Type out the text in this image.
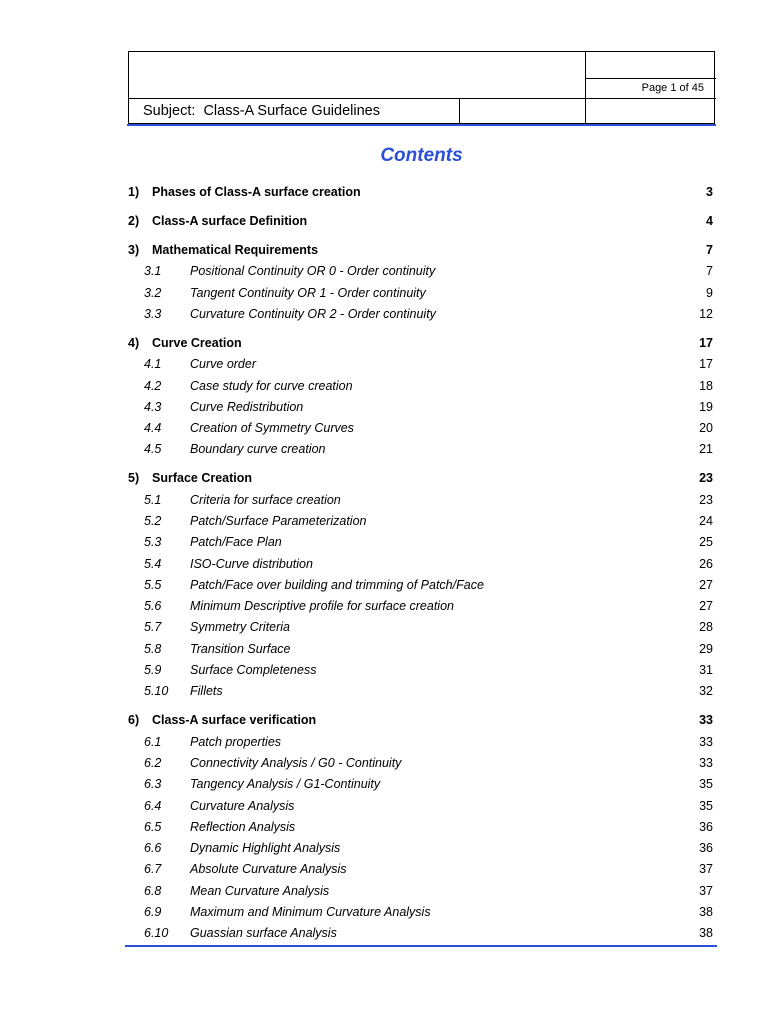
Page 1 of 45
Subject:  Class-A Surface Guidelines
Contents
1) Phases of Class-A surface creation	3
2) Class-A surface Definition	4
3) Mathematical Requirements	7
3.1 Positional Continuity OR 0 - Order continuity	7
3.2 Tangent Continuity OR 1 - Order continuity	9
3.3 Curvature Continuity OR 2 - Order continuity	12
4) Curve Creation	17
4.1 Curve order	17
4.2 Case study for curve creation	18
4.3 Curve Redistribution	19
4.4 Creation of Symmetry Curves	20
4.5 Boundary curve creation	21
5) Surface Creation	23
5.1 Criteria for surface creation	23
5.2 Patch/Surface Parameterization	24
5.3 Patch/Face Plan	25
5.4 ISO-Curve distribution	26
5.5 Patch/Face over building and trimming of Patch/Face	27
5.6 Minimum Descriptive profile for surface creation	27
5.7 Symmetry Criteria	28
5.8 Transition Surface	29
5.9 Surface Completeness	31
5.10 Fillets	32
6) Class-A surface verification	33
6.1 Patch properties	33
6.2 Connectivity Analysis / G0 - Continuity	33
6.3 Tangency Analysis / G1-Continuity	35
6.4 Curvature Analysis	35
6.5 Reflection Analysis	36
6.6 Dynamic Highlight Analysis	36
6.7 Absolute Curvature Analysis	37
6.8 Mean Curvature Analysis	37
6.9 Maximum and Minimum Curvature Analysis	38
6.10 Guassian surface Analysis	38
